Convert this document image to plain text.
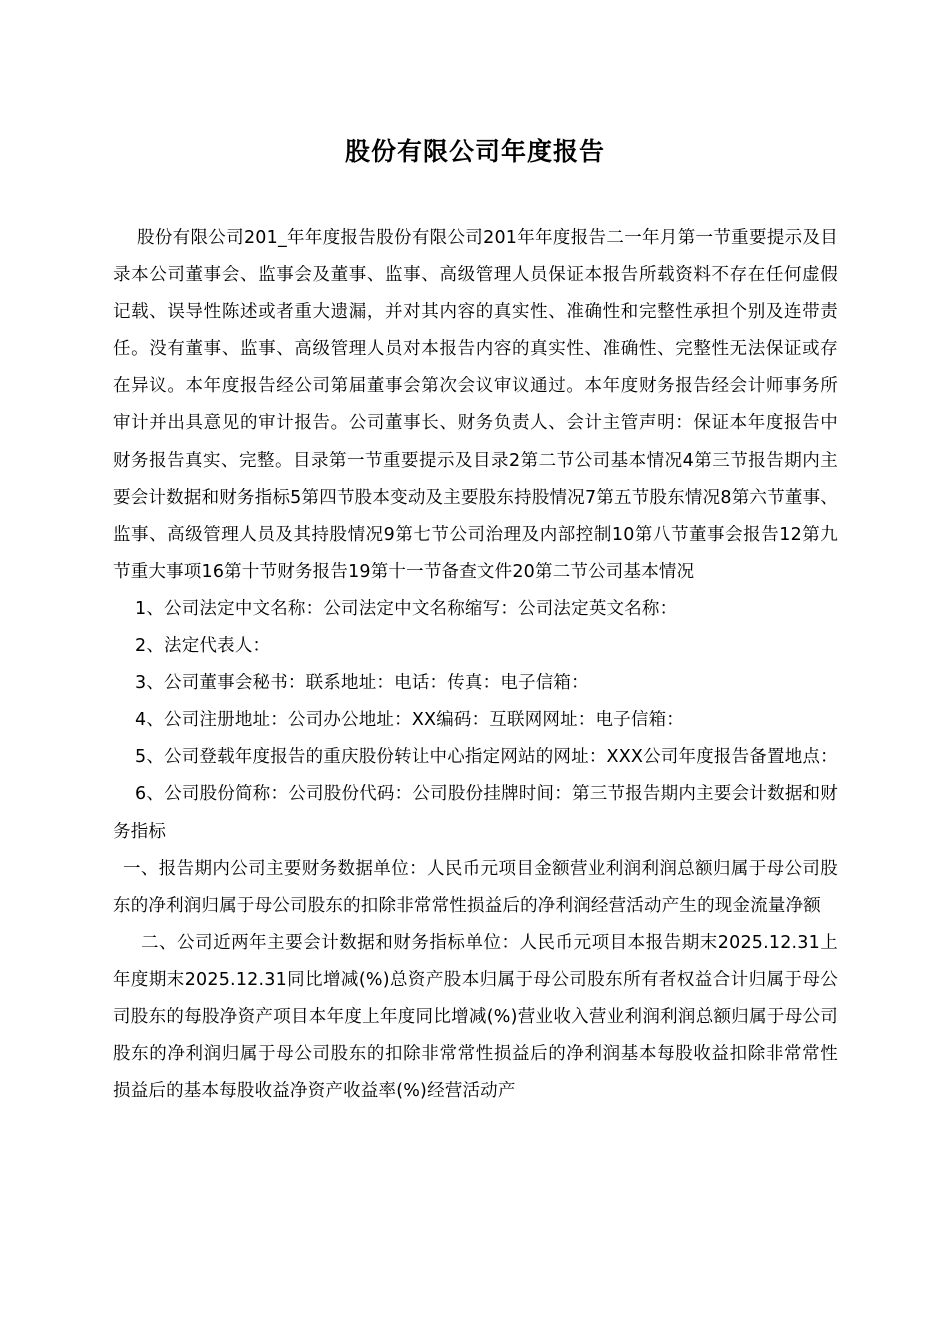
股份有限公司年度报告

股份有限公司201_年年度报告股份有限公司201年年度报告二一年月第一节重要提示及目录本公司董事会、监事会及董事、监事、高级管理人员保证本报告所载资料不存在任何虚假记载、误导性陈述或者重大遗漏，并对其内容的真实性、准确性和完整性承担个别及连带责任。没有董事、监事、高级管理人员对本报告内容的真实性、准确性、完整性无法保证或存在异议。本年度报告经公司第届董事会第次会议审议通过。本年度财务报告经会计师事务所审计并出具意见的审计报告。公司董事长、财务负责人、会计主管声明：保证本年度报告中财务报告真实、完整。目录第一节重要提示及目录2第二节公司基本情况4第三节报告期内主要会计数据和财务指标5第四节股本变动及主要股东持股情况7第五节股东情况8第六节董事、监事、高级管理人员及其持股情况9第七节公司治理及内部控制10第八节董事会报告12第九节重大事项16第十节财务报告19第十一节备查文件20第二节公司基本情况

1、公司法定中文名称：公司法定中文名称缩写：公司法定英文名称：

2、法定代表人：

3、公司董事会秘书：联系地址：电话：传真：电子信箱：

4、公司注册地址：公司办公地址：XX编码：互联网网址：电子信箱：

5、公司登载年度报告的重庆股份转让中心指定网站的网址：XXX公司年度报告备置地点：

6、公司股份简称：公司股份代码：公司股份挂牌时间：第三节报告期内主要会计数据和财务指标

一、报告期内公司主要财务数据单位：人民币元项目金额营业利润利润总额归属于母公司股东的净利润归属于母公司股东的扣除非常常性损益后的净利润经营活动产生的现金流量净额

二、公司近两年主要会计数据和财务指标单位：人民币元项目本报告期末2025.12.31上年度期末2025.12.31同比增减(%)总资产股本归属于母公司股东所有者权益合计归属于母公司股东的每股净资产项目本年度上年度同比增减(%)营业收入营业利润利润总额归属于母公司股东的净利润归属于母公司股东的扣除非常常性损益后的净利润基本每股收益扣除非常常性损益后的基本每股收益净资产收益率(%)经营活动产
